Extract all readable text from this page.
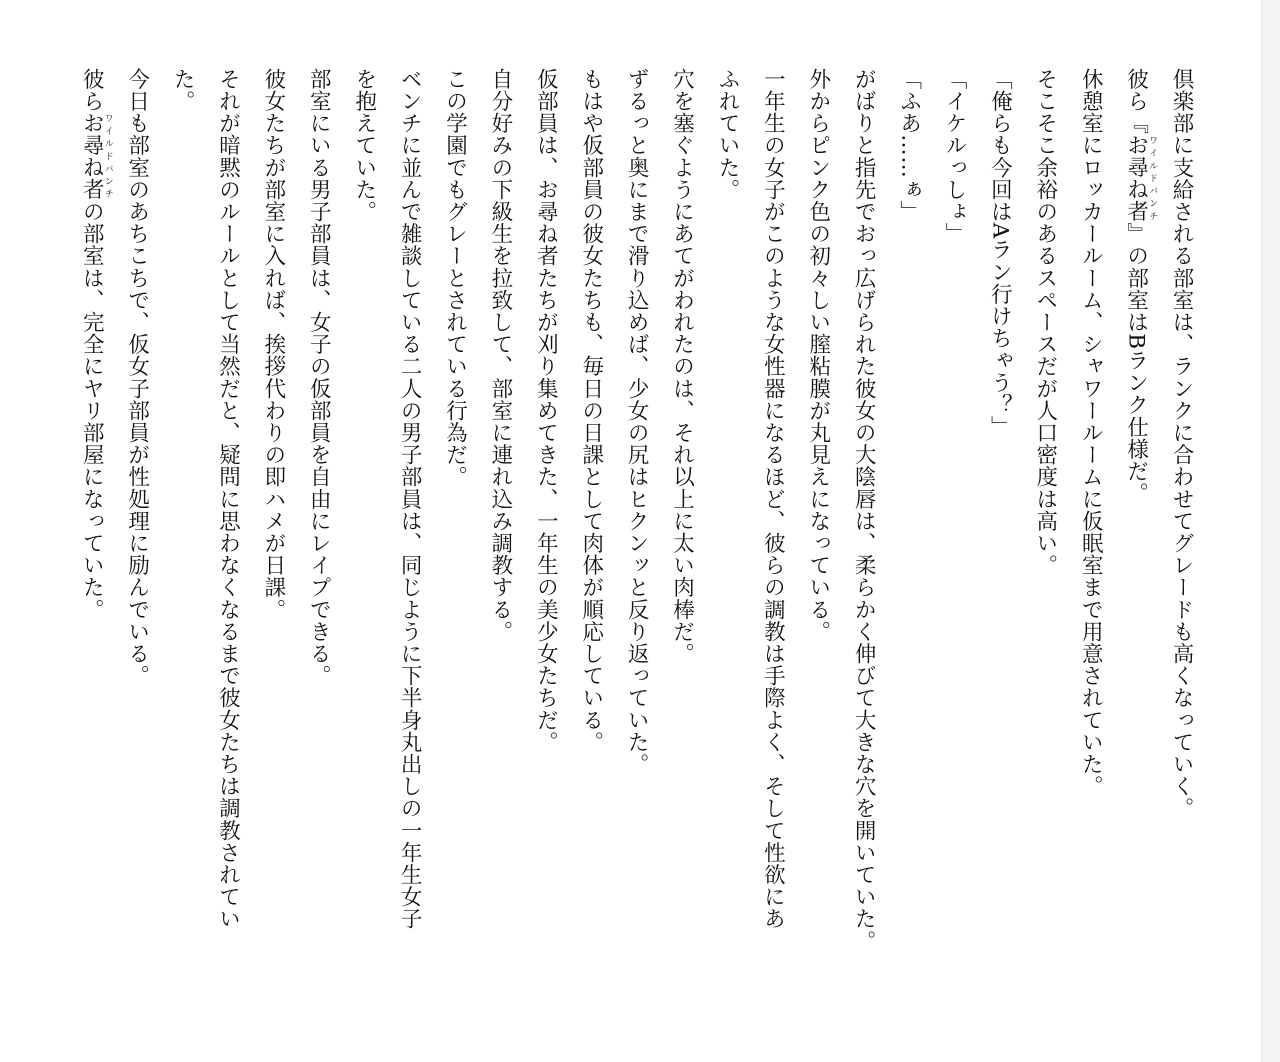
倶楽部に支給される部室は、ランクに合わせてグレードも高くなっていく。
彼ら『お尋ね者ワイルドバンチ』の部室はBランク仕様だ。
休憩室にロッカールーム、シャワールームに仮眠室まで用意されていた。
そこそこ余裕のあるスペースだが人口密度は高い。
「俺らも今回はAラン行けちゃう？」
「イケルっしょ」
「ふあ……ぁ」
がばりと指先でおっ広げられた彼女の大陰唇は、柔らかく伸びて大きな穴を開いていた。
外からピンク色の初々しい膣粘膜が丸見えになっている。
一年生の女子がこのような女性器になるほど、彼らの調教は手際よく、そして性欲にあ
ふれていた。
穴を塞ぐようにあてがわれたのは、それ以上に太い肉棒だ。
ずるっと奥にまで滑り込めば、少女の尻はヒクンッと反り返っていた。
もはや仮部員の彼女たちも、毎日の日課として肉体が順応している。
仮部員は、お尋ね者たちが刈り集めてきた、一年生の美少女たちだ。
自分好みの下級生を拉致して、部室に連れ込み調教する。
この学園でもグレーとされている行為だ。
ベンチに並んで雑談している二人の男子部員は、同じように下半身丸出しの一年生女子
を抱えていた。
部室にいる男子部員は、女子の仮部員を自由にレイプできる。
彼女たちが部室に入れば、挨拶代わりの即ハメが日課。
それが暗黙のルールとして当然だと、疑問に思わなくなるまで彼女たちは調教されてい
た。
今日も部室のあちこちで、仮女子部員が性処理に励んでいる。
彼らお尋ね者ワイルドバンチの部室は、完全にヤリ部屋になっていた。
